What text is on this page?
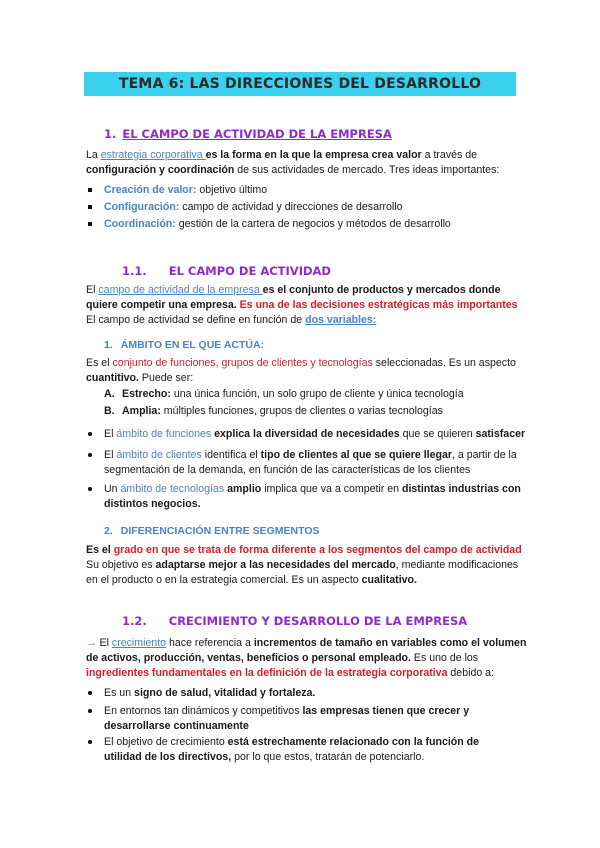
TEMA 6: LAS DIRECCIONES DEL DESARROLLO
1. EL CAMPO DE ACTIVIDAD DE LA EMPRESA
La estrategia corporativa es la forma en la que la empresa crea valor a través de
configuración y coordinación de sus actividades de mercado. Tres ideas importantes:
Creación de valor: objetivo último
Configuración: campo de actividad y direcciones de desarrollo
Coordinación: gestión de la cartera de negocios y métodos de desarrollo
1.1. EL CAMPO DE ACTIVIDAD
El campo de actividad de la empresa es el conjunto de productos y mercados donde
quiere competir una empresa. Es una de las decisiones estratégicas más importantes
El campo de actividad se define en función de dos variables:
1. ÁMBITO EN EL QUE ACTÚA:
Es el conjunto de funciones, grupos de clientes y tecnologías seleccionadas. Es un aspecto
cuantitivo. Puede ser:
A. Estrecho: una única función, un solo grupo de cliente y única tecnología
B. Amplia: múltiples funciones, grupos de clientes o varias tecnologías
El ámbito de funciones explica la diversidad de necesidades que se quieren satisfacer
El ámbito de clientes identifica el tipo de clientes al que se quiere llegar, a partir de la
segmentación de la demanda, en función de las características de los clientes
Un ámbito de tecnologías amplio implica que va a competir en distintas industrias con
distintos negocios.
2. DIFERENCIACIÓN ENTRE SEGMENTOS
Es el grado en que se trata de forma diferente a los segmentos del campo de actividad
Su objetivo es adaptarse mejor a las necesidades del mercado, mediante modificaciones
en el producto o en la estrategia comercial. Es un aspecto cualitativo.
1.2. CRECIMIENTO Y DESARROLLO DE LA EMPRESA
→ El crecimiento hace referencia a incrementos de tamaño en variables como el volumen
de activos, producción, ventas, beneficios o personal empleado. Es uno de los
ingredientes fundamentales en la definición de la estrategia corporativa debido a:
Es un signo de salud, vitalidad y fortaleza.
En entornos tan dinámicos y competitivos las empresas tienen que crecer y
desarrollarse continuamente
El objetivo de crecimiento está estrechamente relacionado con la función de
utilidad de los directivos, por lo que estos, tratarán de potenciarlo.
